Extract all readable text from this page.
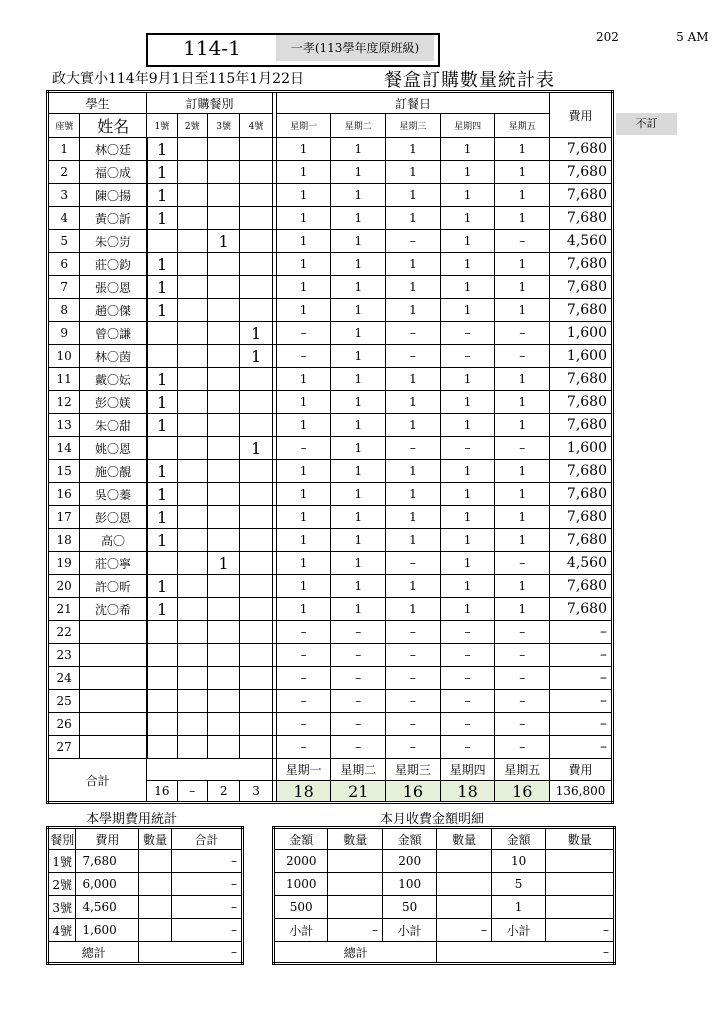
202               5 AM
114-1	一孝(113學年度原班級)
政大實小114年9月1日至115年1月22日	餐盒訂購數量統計表
不訂
學生		訂購餐別					訂餐日					費用
座號	姓名	1號	2號	3號	4號		星期一	星期二	星期三	星期四	星期五	
1	林〇廷	1					1	1	1	1	1	7,680
2	福〇成	1					1	1	1	1	1	7,680
3	陳〇揚	1					1	1	1	1	1	7,680
4	黃〇訢	1					1	1	1	1	1	7,680
5	朱〇岃			1			1	1	–	1	–	4,560
6	莊〇鈞	1					1	1	1	1	1	7,680
7	張〇恩	1					1	1	1	1	1	7,680
8	趙〇傑	1					1	1	1	1	1	7,680
9	曾〇謙				1		–	1	–	–	–	1,600
10	林〇茵				1		–	1	–	–	–	1,600
11	戴〇妘	1					1	1	1	1	1	7,680
12	彭〇媄	1					1	1	1	1	1	7,680
13	朱〇甜	1					1	1	1	1	1	7,680
14	姚〇恩				1		–	1	–	–	–	1,600
15	施〇靚	1					1	1	1	1	1	7,680
16	吳〇蓁	1					1	1	1	1	1	7,680
17	彭〇恩	1					1	1	1	1	1	7,680
18	高〇	1					1	1	1	1	1	7,680
19	莊〇寧			1			1	1	–	1	–	4,560
20	許〇昕	1					1	1	1	1	1	7,680
21	沈〇希	1					1	1	1	1	1	7,680
22							–	–	–	–	–	–
23							–	–	–	–	–	–
24							–	–	–	–	–	–
25							–	–	–	–	–	–
26							–	–	–	–	–	–
27							–	–	–	–	–	–
合計							星期一	星期二	星期三	星期四	星期五	費用
		16	–	2	3		18	21	16	18	16	136,800
本學期費用統計
餐別	費用	數量	合計
1號	7,680		–
2號	6,000		–
3號	4,560		–
4號	1,600		–
總計		–	
本月收費金額明細
金額	數量	金額	數量	金額	數量
2000		200		10	
1000		100		5	
500		50		1	
小計	–	小計	–	小計	–
總計			–		
